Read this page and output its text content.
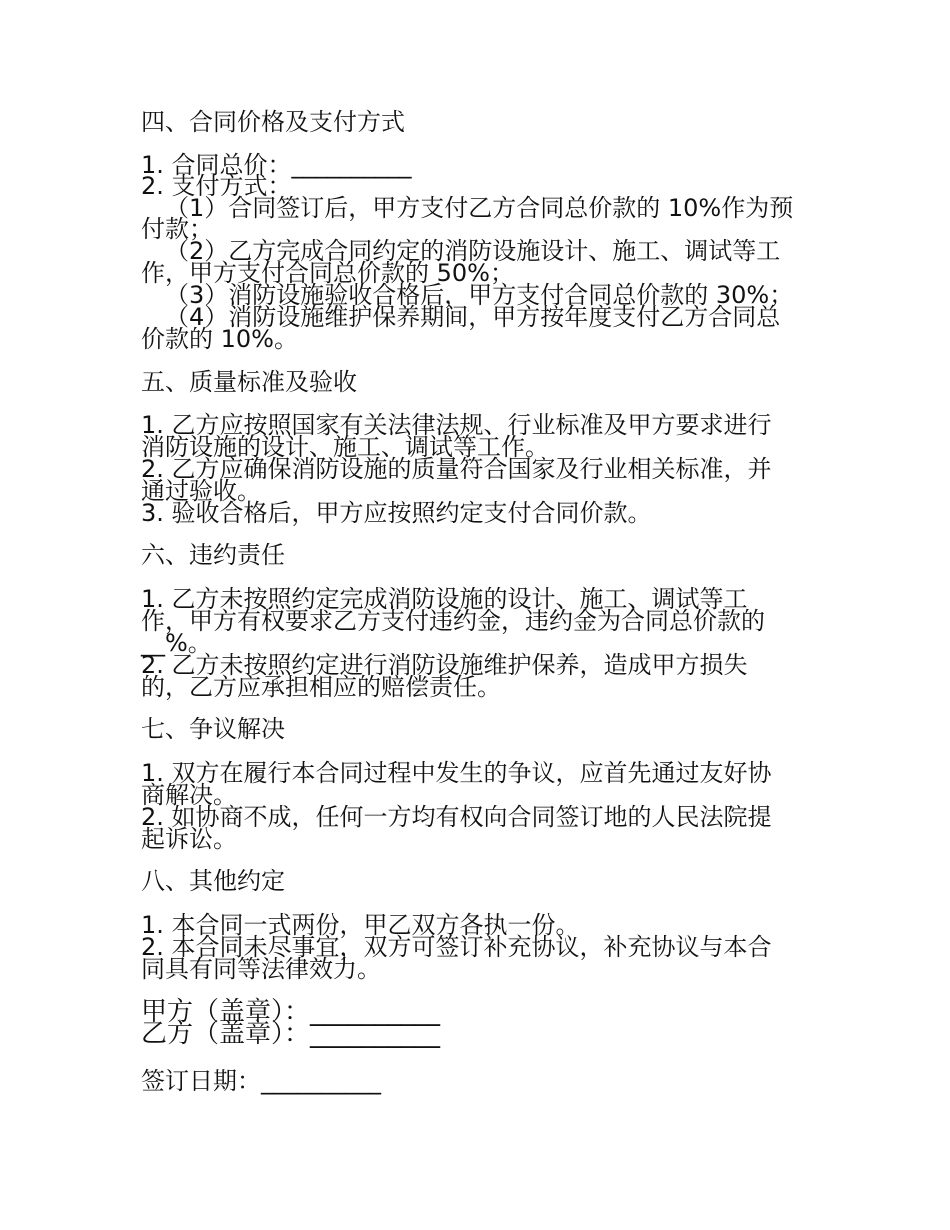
四、合同价格及支付方式
1. 合同总价：__________
2. 支付方式：
（1）合同签订后，甲方支付乙方合同总价款的 10%作为预
付款；
（2）乙方完成合同约定的消防设施设计、施工、调试等工
作，甲方支付合同总价款的 50%；
（3）消防设施验收合格后，甲方支付合同总价款的 30%；
（4）消防设施维护保养期间，甲方按年度支付乙方合同总
价款的 10%。
五、质量标准及验收
1. 乙方应按照国家有关法律法规、行业标准及甲方要求进行
消防设施的设计、施工、调试等工作。
2. 乙方应确保消防设施的质量符合国家及行业相关标准，并
通过验收。
3. 验收合格后，甲方应按照约定支付合同价款。
六、违约责任
1. 乙方未按照约定完成消防设施的设计、施工、调试等工
作，甲方有权要求乙方支付违约金，违约金为合同总价款的
__%。
2. 乙方未按照约定进行消防设施维护保养，造成甲方损失
的，乙方应承担相应的赔偿责任。
七、争议解决
1. 双方在履行本合同过程中发生的争议，应首先通过友好协
商解决。
2. 如协商不成，任何一方均有权向合同签订地的人民法院提
起诉讼。
八、其他约定
1. 本合同一式两份，甲乙双方各执一份。
2. 本合同未尽事宜，双方可签订补充协议，补充协议与本合
同具有同等法律效力。
甲方（盖章）：__________
乙方（盖章）：__________
签订日期：__________
